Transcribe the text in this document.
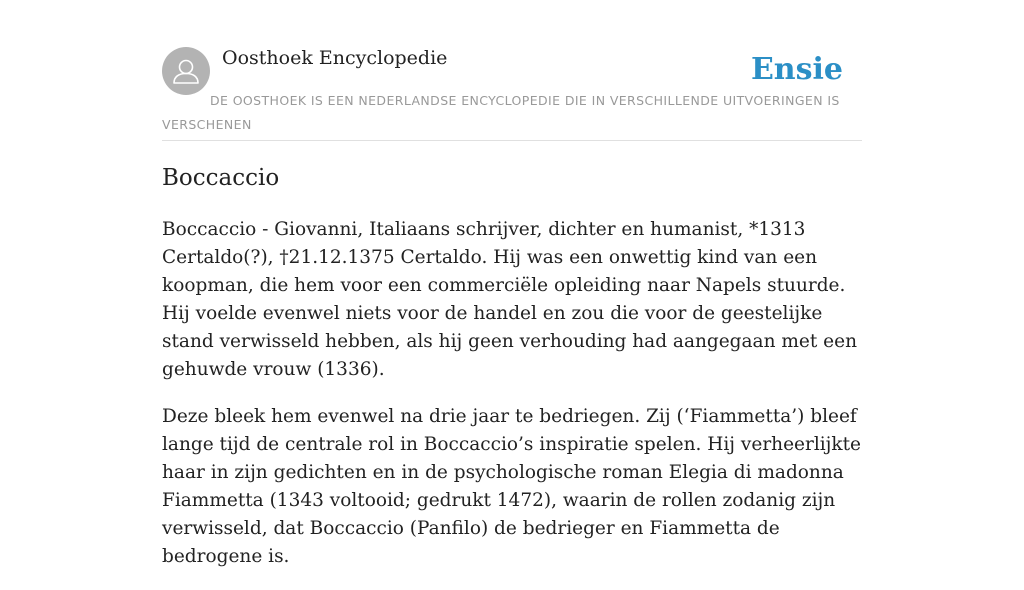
Oosthoek Encyclopedie	Ensie
DE OOSTHOEK IS EEN NEDERLANDSE ENCYCLOPEDIE DIE IN VERSCHILLENDE UITVOERINGEN IS VERSCHENEN
Boccaccio

Boccaccio - Giovanni, Italiaans schrijver, dichter en humanist, *1313 Certaldo(?), †21.12.1375 Certaldo. Hij was een onwettig kind van een koopman, die hem voor een commerciële opleiding naar Napels stuurde. Hij voelde evenwel niets voor de handel en zou die voor de geestelijke stand verwisseld hebben, als hij geen verhouding had aangegaan met een gehuwde vrouw (1336).

Deze bleek hem evenwel na drie jaar te bedriegen. Zij (‘Fiammetta’) bleef lange tijd de centrale rol in Boccaccio’s inspiratie spelen. Hij verheerlijkte haar in zijn gedichten en in de psychologische roman Elegia di madonna Fiammetta (1343 voltooid; gedrukt 1472), waarin de rollen zodanig zijn verwisseld, dat Boccaccio (Panfilo) de bedrieger en Fiammetta de bedrogene is.
